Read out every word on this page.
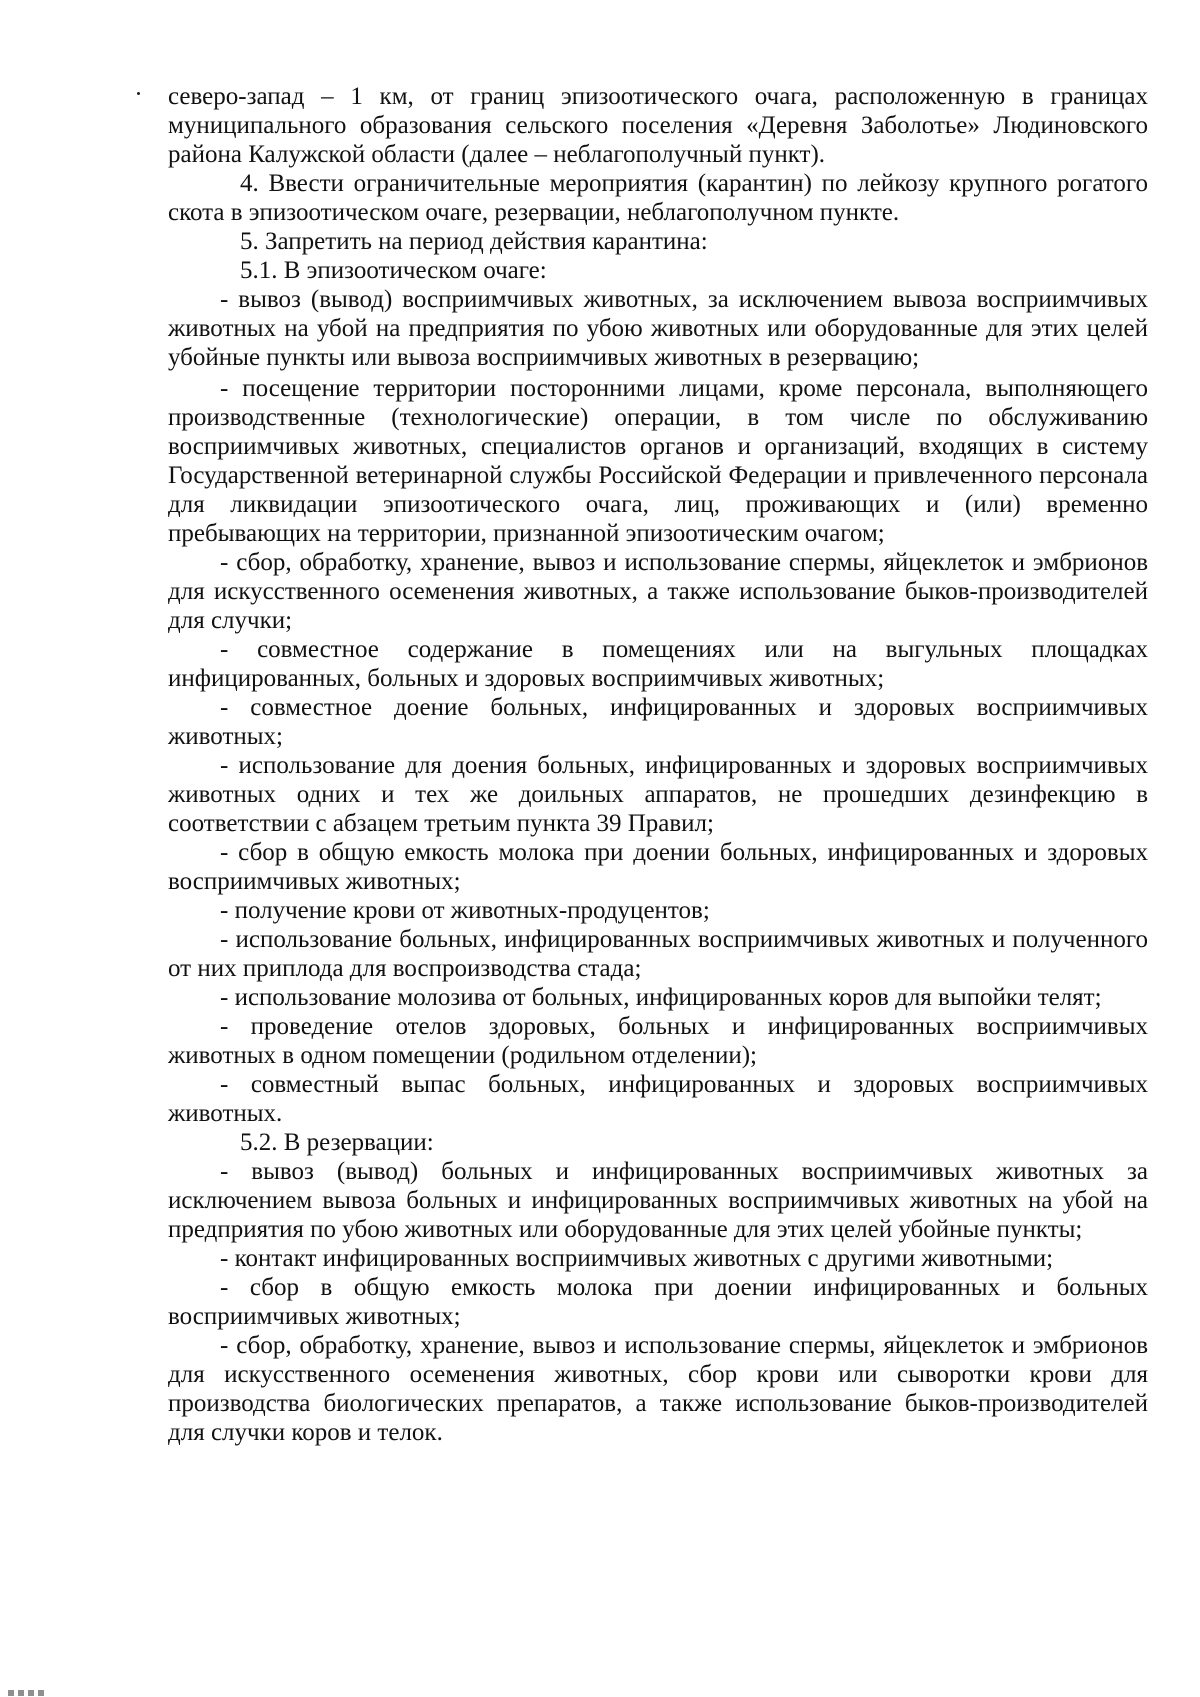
северо-запад – 1 км, от границ эпизоотического очага, расположенную в границах муниципального образования сельского поселения «Деревня Заболотье» Людиновского района Калужской области (далее – неблагополучный пункт).

4. Ввести ограничительные мероприятия (карантин) по лейкозу крупного рогатого скота в эпизоотическом очаге, резервации, неблагополучном пункте.

5. Запретить на период действия карантина:

5.1. В эпизоотическом очаге:

- вывоз (вывод) восприимчивых животных, за исключением вывоза восприимчивых животных на убой на предприятия по убою животных или оборудованные для этих целей убойные пункты или вывоза восприимчивых животных в резервацию;

- посещение территории посторонними лицами, кроме персонала, выполняющего производственные (технологические) операции, в том числе по обслуживанию восприимчивых животных, специалистов органов и организаций, входящих в систему Государственной ветеринарной службы Российской Федерации и привлеченного персонала для ликвидации эпизоотического очага, лиц, проживающих и (или) временно пребывающих на территории, признанной эпизоотическим очагом;

- сбор, обработку, хранение, вывоз и использование спермы, яйцеклеток и эмбрионов для искусственного осеменения животных, а также использование быков-производителей для случки;

- совместное содержание в помещениях или на выгульных площадках инфицированных, больных и здоровых восприимчивых животных;

- совместное доение больных, инфицированных и здоровых восприимчивых животных;

- использование для доения больных, инфицированных и здоровых восприимчивых животных одних и тех же доильных аппаратов, не прошедших дезинфекцию в соответствии с абзацем третьим пункта 39 Правил;

- сбор в общую емкость молока при доении больных, инфицированных и здоровых восприимчивых животных;

- получение крови от животных-продуцентов;

- использование больных, инфицированных восприимчивых животных и полученного от них приплода для воспроизводства стада;

- использование молозива от больных, инфицированных коров для выпойки телят;

- проведение отелов здоровых, больных и инфицированных восприимчивых животных в одном помещении (родильном отделении);

- совместный выпас больных, инфицированных и здоровых восприимчивых животных.

5.2. В резервации:

- вывоз (вывод) больных и инфицированных восприимчивых животных за исключением вывоза больных и инфицированных восприимчивых животных на убой на предприятия по убою животных или оборудованные для этих целей убойные пункты;

- контакт инфицированных восприимчивых животных с другими животными;

- сбор в общую емкость молока при доении инфицированных и больных восприимчивых животных;

- сбор, обработку, хранение, вывоз и использование спермы, яйцеклеток и эмбрионов для искусственного осеменения животных, сбор крови или сыворотки крови для производства биологических препаратов, а также использование быков-производителей для случки коров и телок.
